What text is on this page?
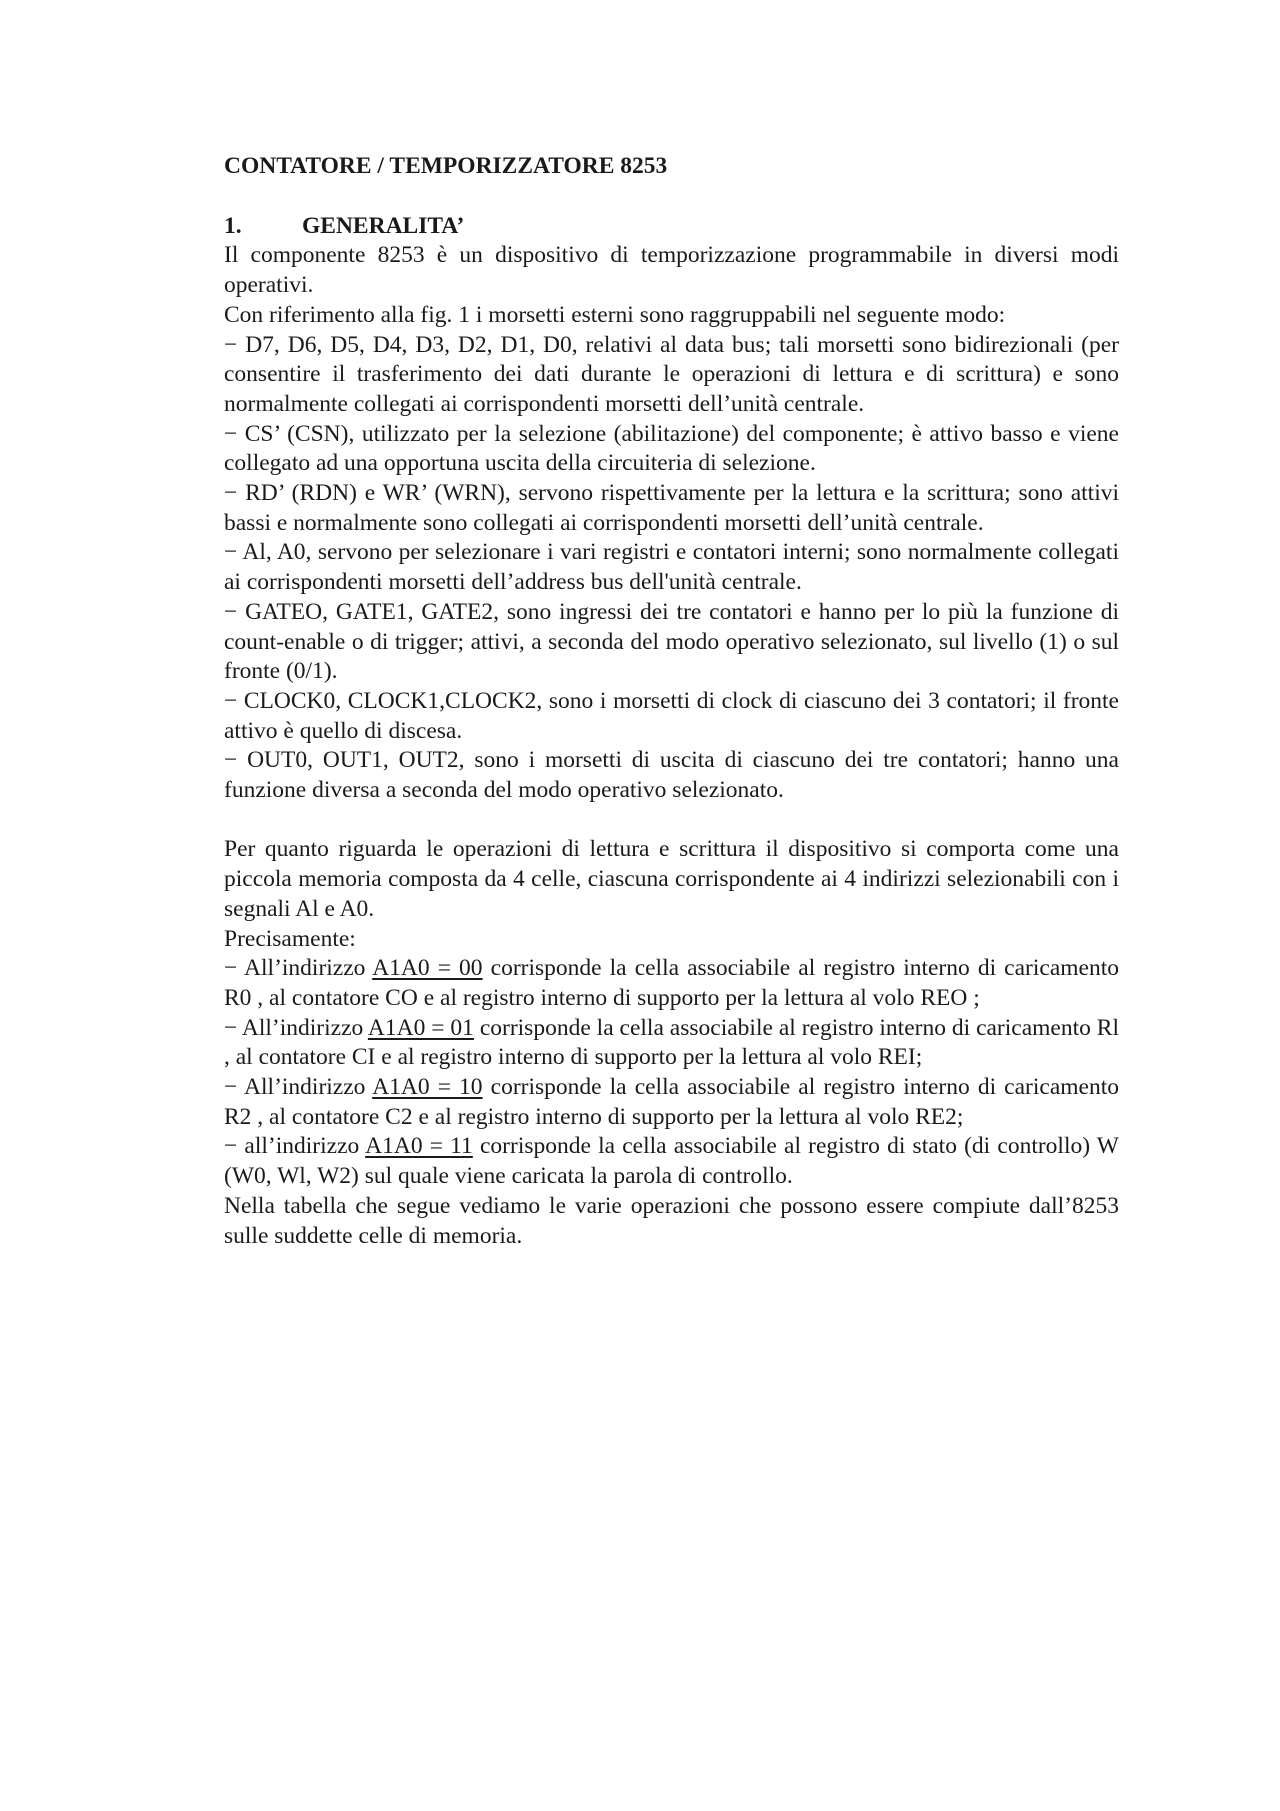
CONTATORE / TEMPORIZZATORE 8253

1.	GENERALITA’

Il componente 8253 è un dispositivo di temporizzazione programmabile in diversi modi operativi.

Con riferimento alla fig. 1 i morsetti esterni sono raggruppabili nel seguente modo:

− D7, D6, D5, D4, D3, D2, D1, D0, relativi al data bus; tali morsetti sono bidirezionali (per consentire il trasferimento dei dati durante le operazioni di lettura e di scrittura) e sono normalmente collegati ai corrispondenti morsetti dell’unità centrale.

− CS’ (CSN), utilizzato per la selezione (abilitazione) del componente; è attivo basso e viene collegato ad una opportuna uscita della circuiteria di selezione.

− RD’ (RDN) e WR’ (WRN), servono rispettivamente per la lettura e la scrittura; sono attivi bassi e normalmente sono collegati ai corrispondenti morsetti dell’unità centrale.

− Al, A0, servono per selezionare i vari registri e contatori interni; sono normalmente collegati ai corrispondenti morsetti dell’address bus dell'unità centrale.

− GATEO, GATE1, GATE2, sono ingressi dei tre contatori e hanno per lo più la funzione di count-enable o di trigger; attivi, a seconda del modo operativo selezionato, sul livello (1) o sul fronte (0/1).

− CLOCK0, CLOCK1,CLOCK2, sono i morsetti di clock di ciascuno dei 3 contatori; il fronte attivo è quello di discesa.

− OUT0, OUT1, OUT2, sono i morsetti di uscita di ciascuno dei tre contatori; hanno una funzione diversa a seconda del modo operativo selezionato.

Per quanto riguarda le operazioni di lettura e scrittura il dispositivo si comporta come una piccola memoria composta da 4 celle, ciascuna corrispondente ai 4 indirizzi selezionabili con i segnali Al e A0.

Precisamente:

− All’indirizzo A1A0 = 00 corrisponde la cella associabile al registro interno di caricamento R0 , al contatore CO e al registro interno di supporto per la lettura al volo REO ;

− All’indirizzo A1A0 = 01 corrisponde la cella associabile al registro interno di caricamento Rl , al contatore CI e al registro interno di supporto per la lettura al volo REI;

− All’indirizzo A1A0 = 10 corrisponde la cella associabile al registro interno di caricamento R2 , al contatore C2 e al registro interno di supporto per la lettura al volo RE2;

− all’indirizzo A1A0 = 11 corrisponde la cella associabile al registro di stato (di controllo) W (W0, Wl, W2) sul quale viene caricata la parola di controllo.

Nella tabella che segue vediamo le varie operazioni che possono essere compiute dall’8253 sulle suddette celle di memoria.
